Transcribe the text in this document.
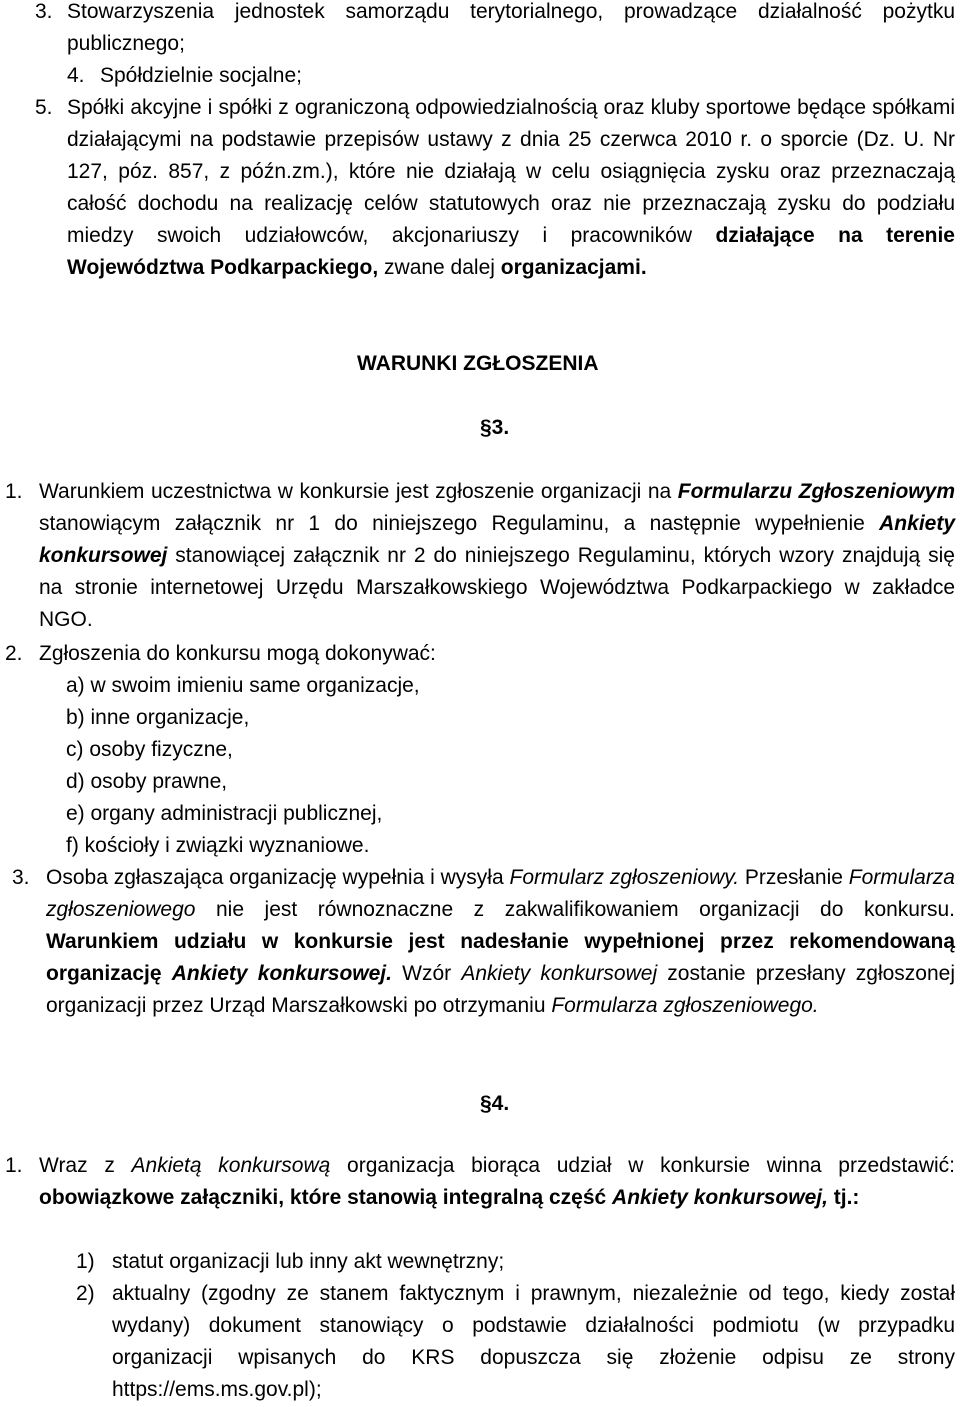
3. Stowarzyszenia jednostek samorządu terytorialnego, prowadzące działalność pożytku publicznego;

4. Spółdzielnie socjalne;

5. Spółki akcyjne i spółki z ograniczoną odpowiedzialnością oraz kluby sportowe będące spółkami działającymi na podstawie przepisów ustawy z dnia 25 czerwca 2010 r. o sporcie (Dz. U. Nr 127, póz. 857, z późn.zm.), które nie działają w celu osiągnięcia zysku oraz przeznaczają całość dochodu na realizację celów statutowych oraz nie przeznaczają zysku do podziału miedzy swoich udziałowców, akcjonariuszy i pracowników działające na terenie Województwa Podkarpackiego, zwane dalej organizacjami.

WARUNKI ZGŁOSZENIA
§3.
1. Warunkiem uczestnictwa w konkursie jest zgłoszenie organizacji na Formularzu Zgłoszeniowym stanowiącym załącznik nr 1 do niniejszego Regulaminu, a następnie wypełnienie Ankiety konkursowej stanowiącej załącznik nr 2 do niniejszego Regulaminu, których wzory znajdują się na stronie internetowej Urzędu Marszałkowskiego Województwa Podkarpackiego w zakładce NGO.

2. Zgłoszenia do konkursu mogą dokonywać:

a) w swoim imieniu same organizacje,

b) inne organizacje,

c) osoby fizyczne,

d) osoby prawne,

e) organy administracji publicznej,

f) kościoły i związki wyznaniowe.

3. Osoba zgłaszająca organizację wypełnia i wysyła Formularz zgłoszeniowy. Przesłanie Formularza zgłoszeniowego nie jest równoznaczne z zakwalifikowaniem organizacji do konkursu. Warunkiem udziału w konkursie jest nadesłanie wypełnionej przez rekomendowaną organizację Ankiety konkursowej. Wzór Ankiety konkursowej zostanie przesłany zgłoszonej organizacji przez Urząd Marszałkowski po otrzymaniu Formularza zgłoszeniowego.

§4.
1. Wraz z Ankietą konkursową organizacja biorąca udział w konkursie winna przedstawić: obowiązkowe załączniki, które stanowią integralną część Ankiety konkursowej, tj.:

1) statut organizacji lub inny akt wewnętrzny;

2) aktualny (zgodny ze stanem faktycznym i prawnym, niezależnie od tego, kiedy został wydany) dokument stanowiący o podstawie działalności podmiotu (w przypadku organizacji wpisanych do KRS dopuszcza się złożenie odpisu ze strony https://ems.ms.gov.pl);
